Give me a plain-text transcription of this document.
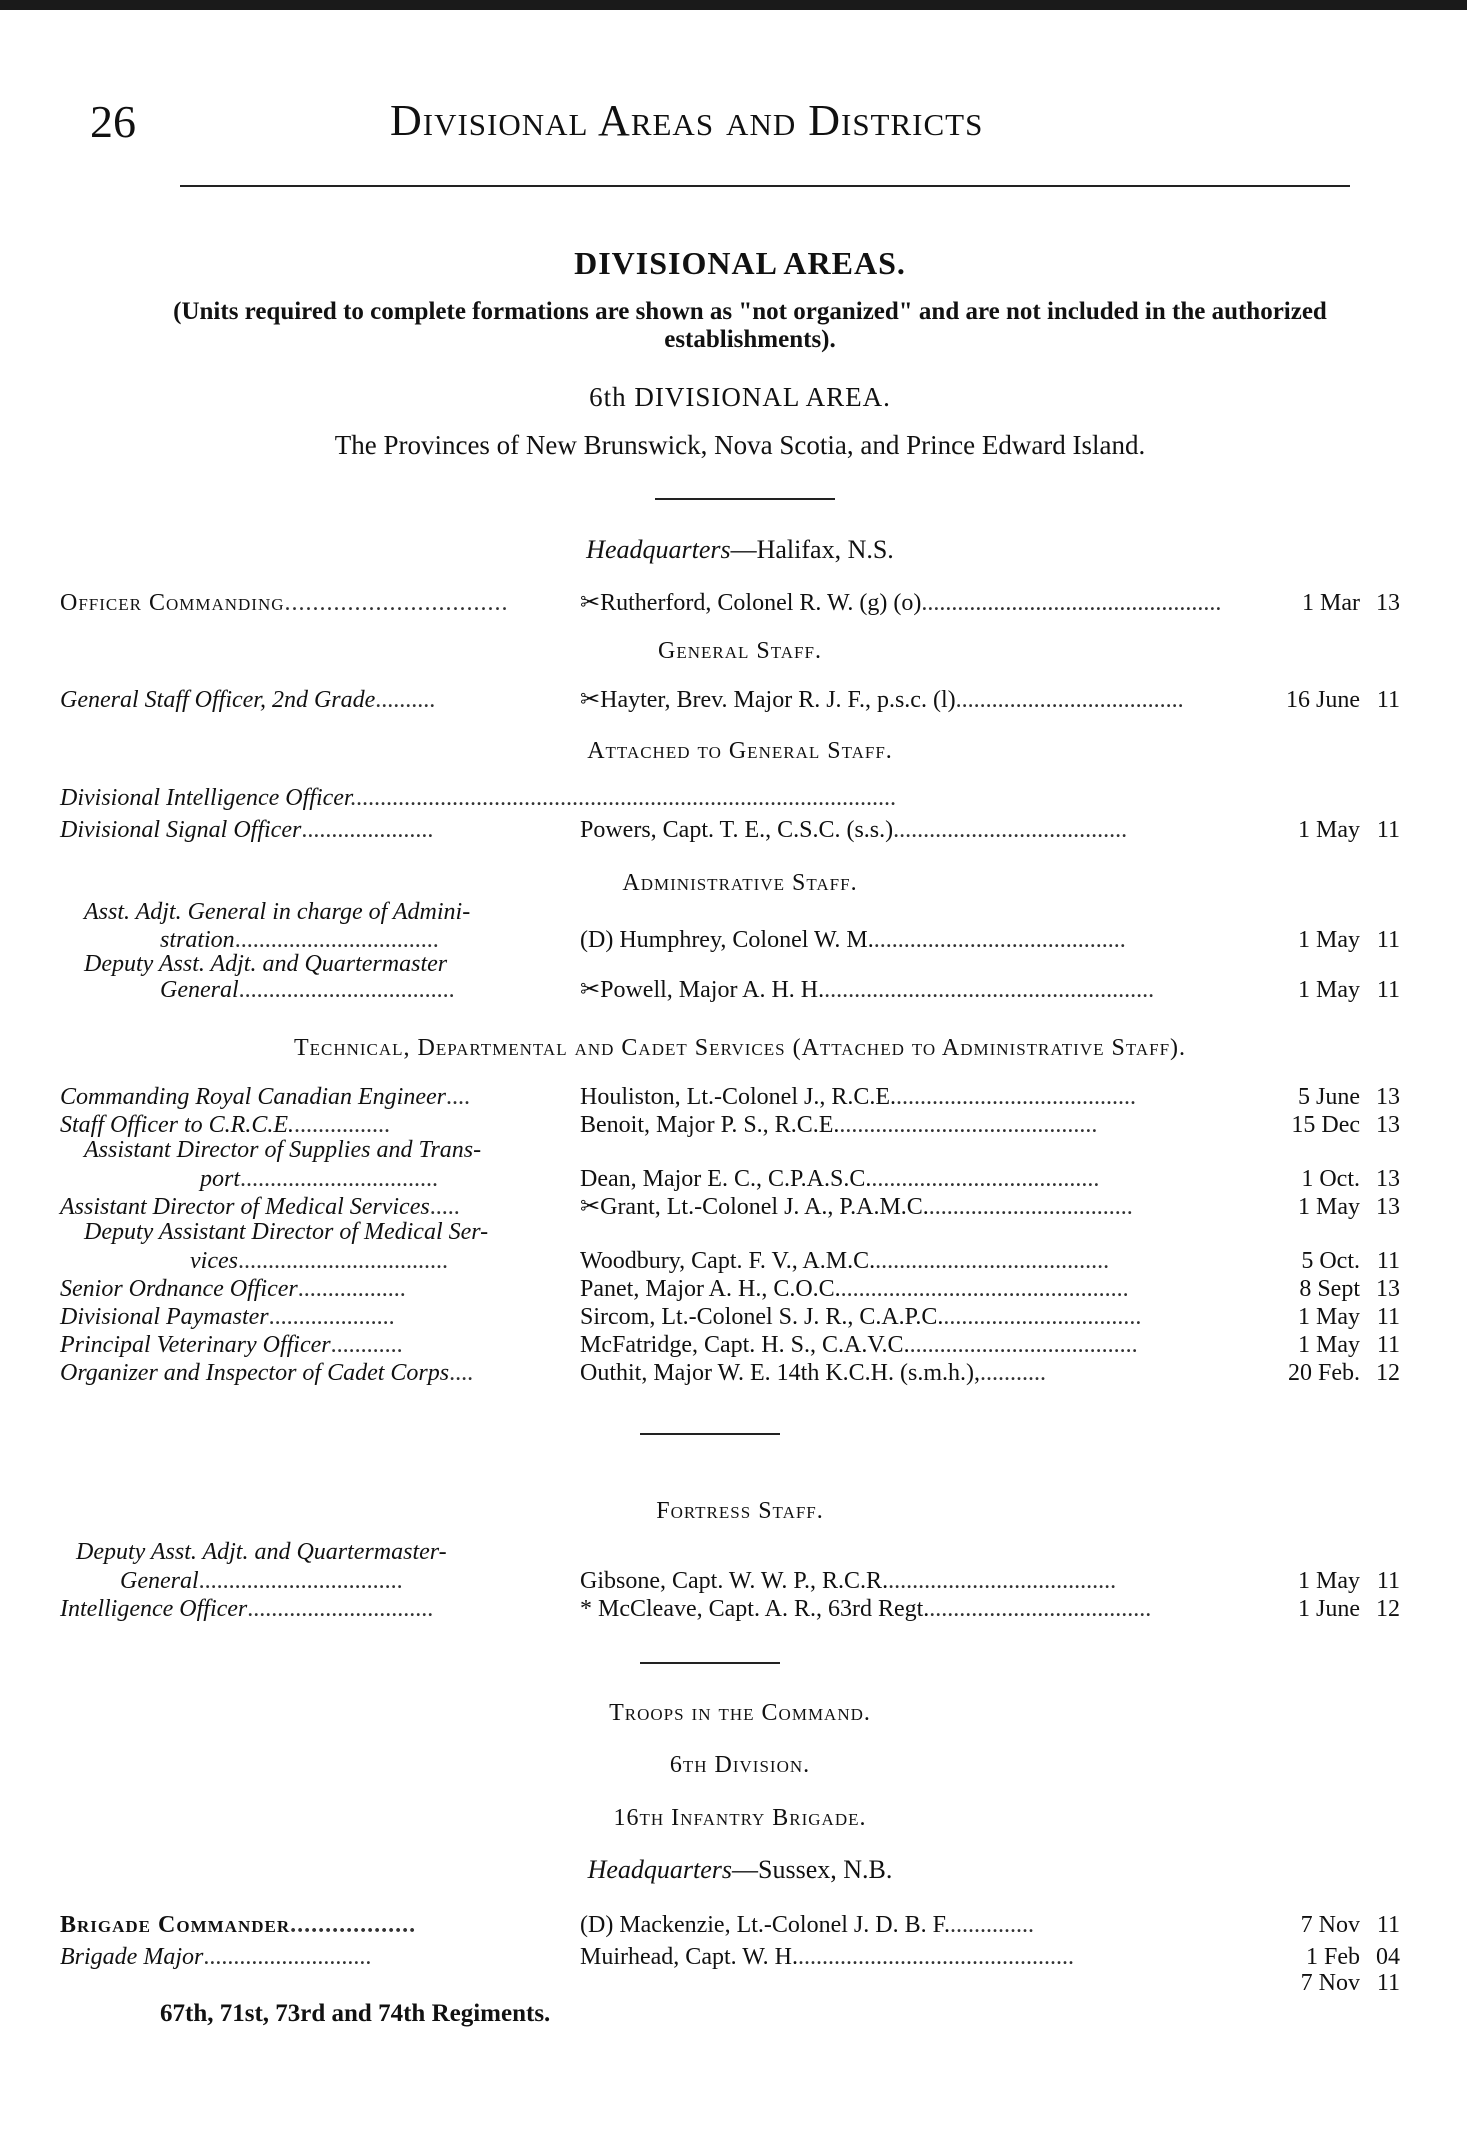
26	Divisional Areas and Districts
DIVISIONAL AREAS.
(Units required to complete formations are shown as "not organized" and are not included in the authorized establishments).
6th DIVISIONAL AREA.
The Provinces of New Brunswick, Nova Scotia, and Prince Edward Island.
Headquarters—Halifax, N.S.
Officer Commanding................................	✂Rutherford, Colonel R. W. (g) (o)..................................................	1 Mar 13
General Staff.
General Staff Officer, 2nd Grade..........	✂Hayter, Brev. Major R. J. F., p.s.c. (l)......................................	16 June 11
Attached to General Staff.
Divisional Intelligence Officer...........................................................................................
Divisional Signal Officer......................	Powers, Capt. T. E., C.S.C. (s.s.).......................................	1 May 11
Administrative Staff.
Asst. Adjt. General in charge of Admini-
stration..................................	(D) Humphrey, Colonel W. M...........................................	1 May 11
Deputy Asst. Adjt. and Quartermaster
General....................................	✂Powell, Major A. H. H........................................................	1 May 11
Technical, Departmental and Cadet Services (Attached to Administrative Staff).
Commanding Royal Canadian Engineer....	Houliston, Lt.-Colonel J., R.C.E.........................................	5 June 13
Staff Officer to C.R.C.E.................	Benoit, Major P. S., R.C.E............................................	15 Dec 13
Assistant Director of Supplies and Trans-
port.................................	Dean, Major E. C., C.P.A.S.C.......................................	1 Oct. 13
Assistant Director of Medical Services.....	✂Grant, Lt.-Colonel J. A., P.A.M.C...................................	1 May 13
Deputy Assistant Director of Medical Ser-
vices...................................	Woodbury, Capt. F. V., A.M.C........................................	5 Oct. 11
Senior Ordnance Officer..................	Panet, Major A. H., C.O.C.................................................	8 Sept 13
Divisional Paymaster.....................	Sircom, Lt.-Colonel S. J. R., C.A.P.C..................................	1 May 11
Principal Veterinary Officer............	McFatridge, Capt. H. S., C.A.V.C.......................................	1 May 11
Organizer and Inspector of Cadet Corps....	Outhit, Major W. E. 14th K.C.H. (s.m.h.),...........	20 Feb. 12
Fortress Staff.
Deputy Asst. Adjt. and Quartermaster-
General..................................	Gibsone, Capt. W. W. P., R.C.R.......................................	1 May 11
Intelligence Officer...............................	* McCleave, Capt. A. R., 63rd Regt......................................	1 June 12
Troops in the Command.
6th Division.
16th Infantry Brigade.
Headquarters—Sussex, N.B.
Brigade Commander..................	(D) Mackenzie, Lt.-Colonel J. D. B. F...............	7 Nov 11
Brigade Major............................	Muirhead, Capt. W. H...............................................	1 Feb 04
7 Nov 11
67th, 71st, 73rd and 74th Regiments.
